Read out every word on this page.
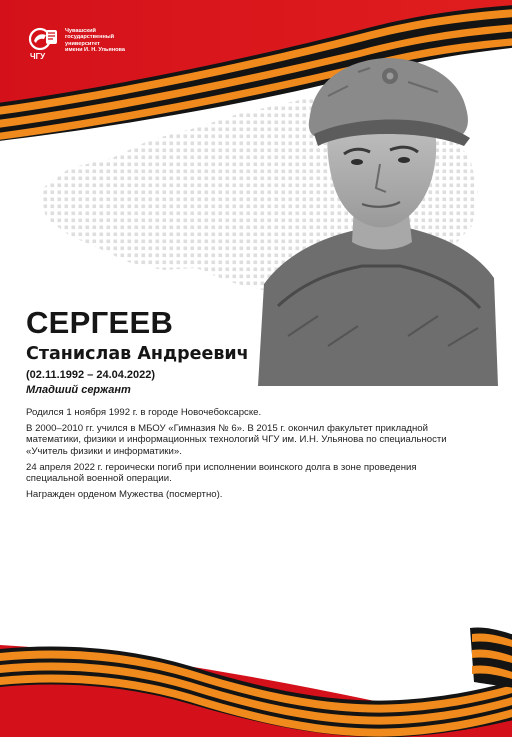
Чувашский
государственный
университет
имени И. Н. Ульянова
ЧГУ
СЕРГЕЕВ
Станислав Андреевич
(02.11.1992 – 24.04.2022)
Младший сержант

Родился 1 ноября 1992 г. в городе Новочебоксарске.

В 2000–2010 гг. учился в МБОУ «Гимназия № 6». В 2015 г. окончил факультет прикладной математики, физики и информационных технологий ЧГУ им. И.Н. Ульянова по специальности «Учитель физики и информатики».

24 апреля 2022 г. героически погиб при исполнении воинского долга в зоне проведения специальной военной операции.

Награжден орденом Мужества (посмертно).
